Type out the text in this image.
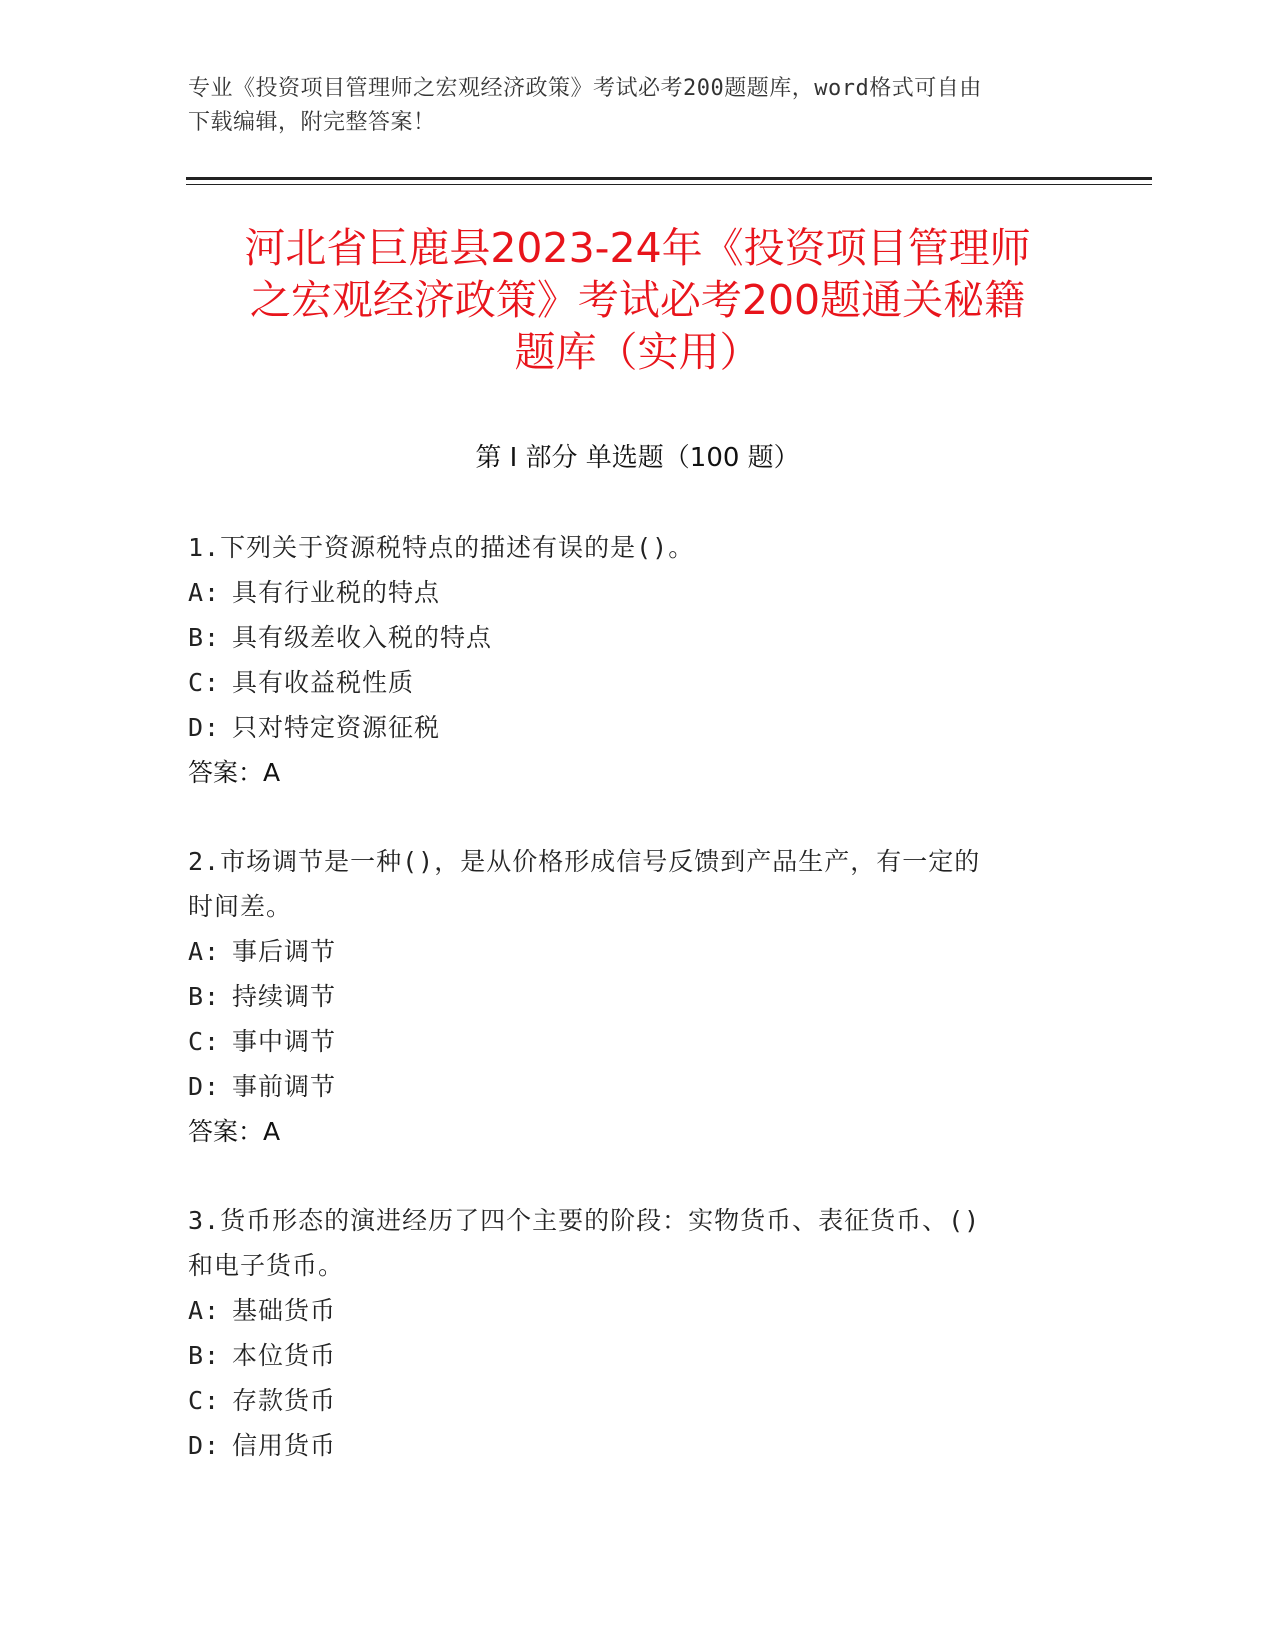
专业《投资项目管理师之宏观经济政策》考试必考200题题库，word格式可自由
下载编辑，附完整答案！
河北省巨鹿县2023-24年《投资项目管理师
之宏观经济政策》考试必考200题通关秘籍
题库（实用）
第 I 部分 单选题（100 题）
1.下列关于资源税特点的描述有误的是()。
A: 具有行业税的特点
B: 具有级差收入税的特点
C: 具有收益税性质
D: 只对特定资源征税
答案：A
2.市场调节是一种()，是从价格形成信号反馈到产品生产，有一定的
时间差。
A: 事后调节
B: 持续调节
C: 事中调节
D: 事前调节
答案：A
3.货币形态的演进经历了四个主要的阶段：实物货币、表征货币、()
和电子货币。
A: 基础货币
B: 本位货币
C: 存款货币
D: 信用货币
